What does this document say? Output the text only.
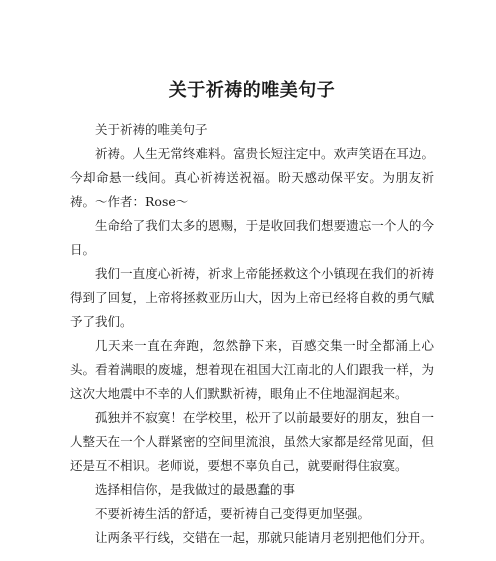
关于祈祷的唯美句子

关于祈祷的唯美句子

祈祷。人生无常终难料。富贵长短注定中。欢声笑语在耳边。今却命悬一线间。真心祈祷送祝福。盼天感动保平安。为朋友祈祷。～作者：Rose～

生命给了我们太多的恩赐，于是收回我们想要遗忘一个人的今日。

我们一直度心祈祷，祈求上帝能拯救这个小镇现在我们的祈祷得到了回复，上帝将拯救亚历山大，因为上帝已经将自救的勇气赋予了我们。

几天来一直在奔跑，忽然静下来，百感交集一时全都涌上心头。看着满眼的废墟，想着现在祖国大江南北的人们跟我一样，为这次大地震中不幸的人们默默祈祷，眼角止不住地湿润起来。

孤独并不寂寞！在学校里，松开了以前最要好的朋友，独自一人整天在一个人群紧密的空间里流浪，虽然大家都是经常见面，但还是互不相识。老师说，要想不辜负自己，就要耐得住寂寞。

选择相信你，是我做过的最愚蠢的事

不要祈祷生活的舒适，要祈祷自己变得更加坚强。

让两条平行线，交错在一起，那就只能请月老别把他们分开。
